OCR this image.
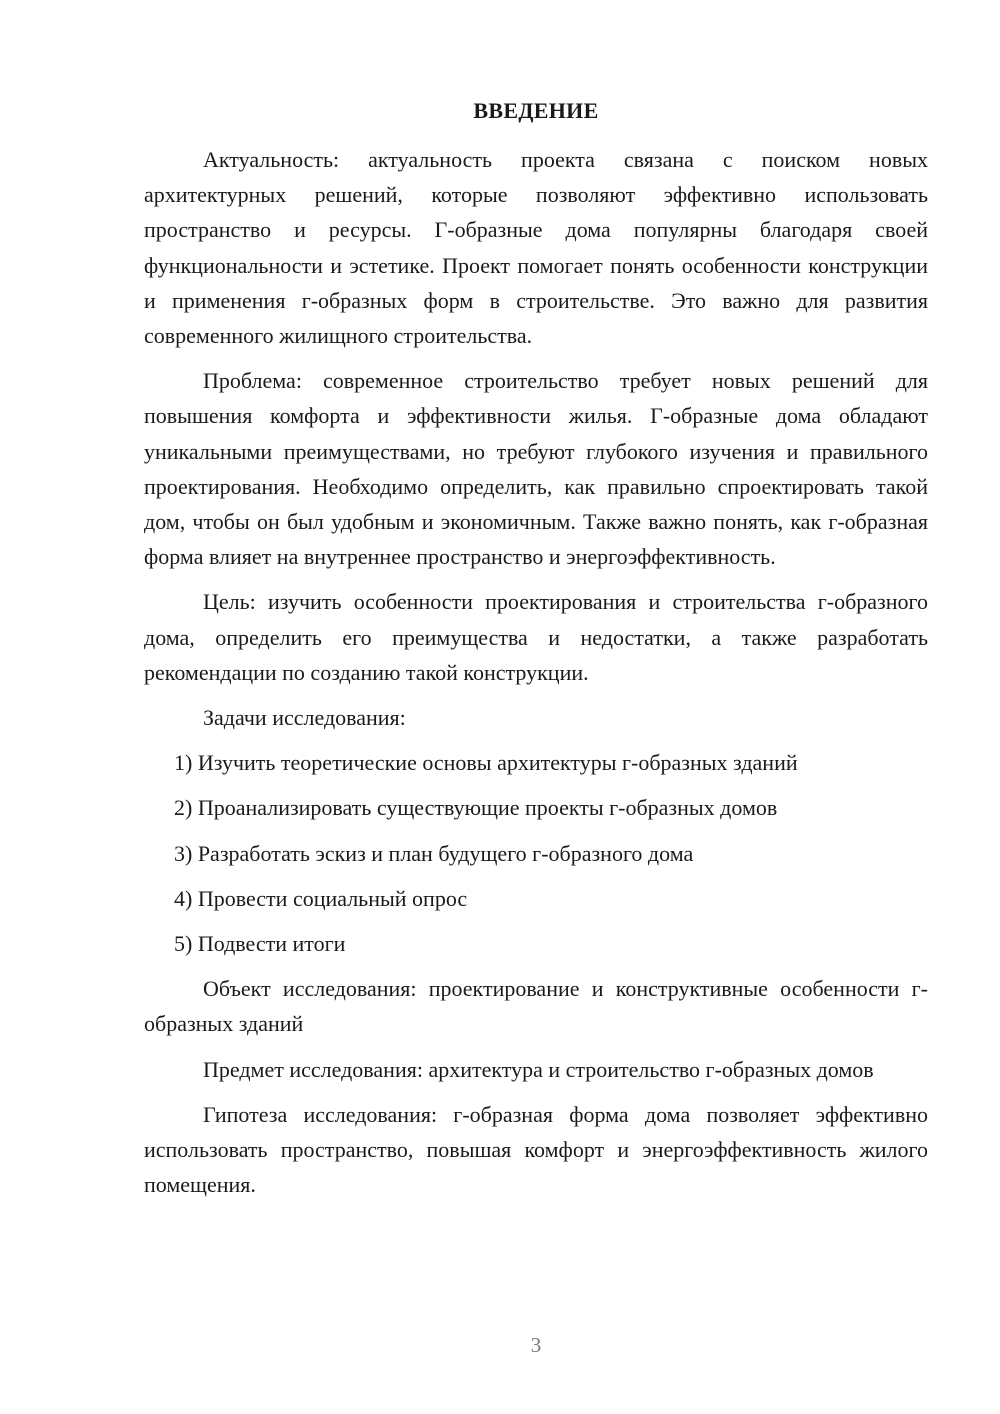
ВВЕДЕНИЕ

Актуальность: актуальность проекта связана с поиском новых архитектурных решений, которые позволяют эффективно использовать пространство и ресурсы. Г-образные дома популярны благодаря своей функциональности и эстетике. Проект помогает понять особенности конструкции и применения г-образных форм в строительстве. Это важно для развития современного жилищного строительства.

Проблема: современное строительство требует новых решений для повышения комфорта и эффективности жилья. Г-образные дома обладают уникальными преимуществами, но требуют глубокого изучения и правильного проектирования. Необходимо определить, как правильно спроектировать такой дом, чтобы он был удобным и экономичным. Также важно понять, как г-образная форма влияет на внутреннее пространство и энергоэффективность.

Цель: изучить особенности проектирования и строительства г-образного дома, определить его преимущества и недостатки, а также разработать рекомендации по созданию такой конструкции.

Задачи исследования:

1) Изучить теоретические основы архитектуры г-образных зданий

2) Проанализировать существующие проекты г-образных домов

3) Разработать эскиз и план будущего г-образного дома

4) Провести социальный опрос

5) Подвести итоги

Объект исследования: проектирование и конструктивные особенности г-образных зданий

Предмет исследования: архитектура и строительство г-образных домов

Гипотеза исследования: г-образная форма дома позволяет эффективно использовать пространство, повышая комфорт и энергоэффективность жилого помещения.

3
